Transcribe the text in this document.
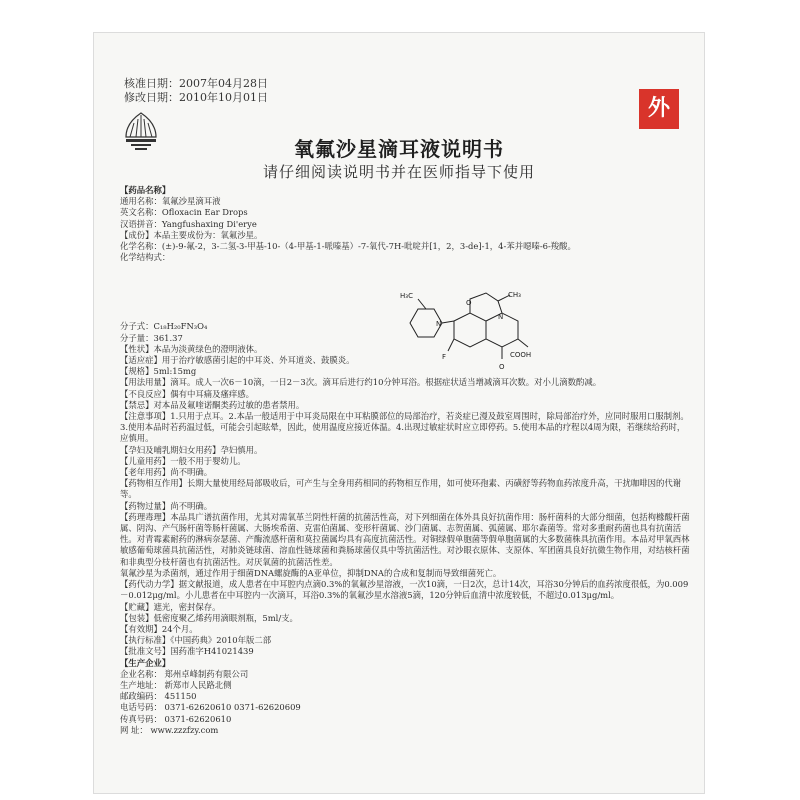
核准日期：2007年04月28日
修改日期：2010年10月01日	外
氧氟沙星滴耳液说明书
请仔细阅读说明书并在医师指导下使用
【药品名称】
通用名称：氧氟沙星滴耳液
英文名称：Ofloxacin Ear Drops
汉语拼音：Yangfushaxing Di'erye
【成份】本品主要成份为：氧氟沙星。
化学名称：(±)-9-氟-2，3-二氢-3-甲基-10-（4-甲基-1-哌嗪基）-7-氧代-7H-吡啶并[1，2，3-de]-1，4-苯并噁嗪-6-羧酸。
化学结构式：
分子式：C₁₈H₂₀FN₃O₄
分子量：361.37
【性状】本品为淡黄绿色的澄明液体。
【适应症】用于治疗敏感菌引起的中耳炎、外耳道炎、鼓膜炎。
【规格】5ml:15mg
【用法用量】滴耳。成人一次6－10滴，一日2－3次。滴耳后进行约10分钟耳浴。根据症状适当增减滴耳次数。对小儿滴数酌减。
【不良反应】偶有中耳痛及瘙痒感。
【禁忌】对本品及氟喹诺酮类药过敏的患者禁用。
【注意事项】1.只用于点耳。2.本品一般适用于中耳炎局限在中耳粘膜部位的局部治疗，若炎症已漫及鼓室周围时，除局部治疗外，应同时服用口服制剂。3.使用本品时若药温过低，可能会引起眩晕，因此，使用温度应接近体温。4.出现过敏症状时应立即停药。5.使用本品的疗程以4周为限，若继续给药时，应慎用。
【孕妇及哺乳期妇女用药】孕妇慎用。
【儿童用药】一般不用于婴幼儿。
【老年用药】尚不明确。
【药物相互作用】长期大量使用经局部吸收后，可产生与全身用药相同的药物相互作用，如可使环孢素、丙磺舒等药物血药浓度升高，干扰咖啡因的代谢等。
【药物过量】尚不明确。
【药理毒理】本品具广谱抗菌作用，尤其对需氧革兰阴性杆菌的抗菌活性高，对下列细菌在体外具良好抗菌作用：肠杆菌科的大部分细菌，包括枸橼酸杆菌属、阴沟、产气肠杆菌等肠杆菌属、大肠埃希菌、克雷伯菌属、变形杆菌属、沙门菌属、志贺菌属、弧菌属、耶尔森菌等。常对多重耐药菌也具有抗菌活性。对青霉素耐药的淋病奈瑟菌、产酶流感杆菌和莫拉菌属均具有高度抗菌活性。对铜绿假单胞菌等假单胞菌属的大多数菌株具抗菌作用。本品对甲氧西林敏感葡萄球菌具抗菌活性，对肺炎链球菌、溶血性链球菌和粪肠球菌仅具中等抗菌活性。对沙眼衣原体、支原体、军团菌具良好抗微生物作用，对结核杆菌和非典型分枝杆菌也有抗菌活性。对厌氧菌的抗菌活性差。
氧氟沙星为杀菌剂，通过作用于细菌DNA螺旋酶的A亚单位，抑制DNA的合成和复制而导致细菌死亡。
【药代动力学】据文献报道，成人患者在中耳腔内点滴0.3%的氧氟沙星溶液，一次10滴，一日2次，总计14次，耳浴30分钟后的血药浓度很低，为0.009－0.012μg/ml。小儿患者在中耳腔内一次滴耳，耳浴0.3%的氧氟沙星水溶液5滴，120分钟后血清中浓度较低，不超过0.013μg/ml。
【贮藏】遮光，密封保存。
【包装】低密度聚乙烯药用滴眼剂瓶，5ml/支。
【有效期】24个月。
【执行标准】《中国药典》2010年版二部
【批准文号】国药准字H41021439
【生产企业】
企业名称： 郑州卓峰制药有限公司
生产地址： 新郑市人民路北侧
邮政编码： 451150
电话号码： 0371-62620610 0371-62620609
传真号码： 0371-62620610
网 址： www.zzzfzy.com
H₃C	CH₃
N
N
O
F
O
COOH
